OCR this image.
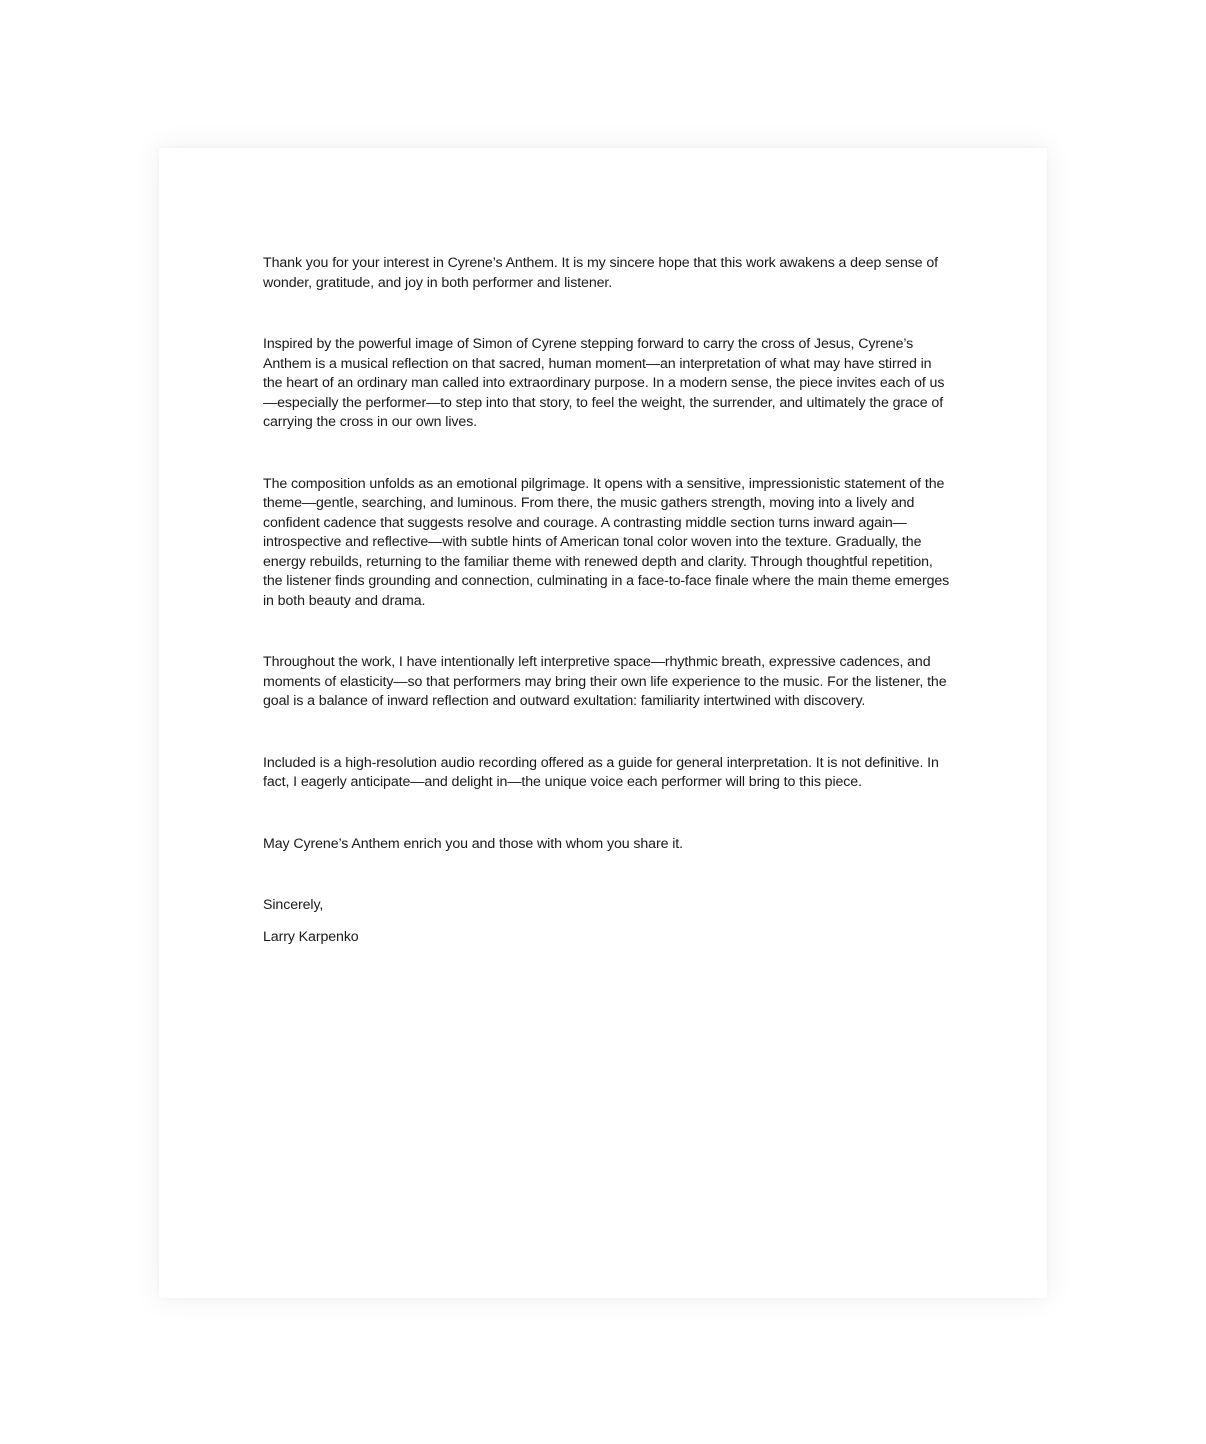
Thank you for your interest in Cyrene’s Anthem. It is my sincere hope that this work awakens a deep sense of wonder, gratitude, and joy in both performer and listener.

Inspired by the powerful image of Simon of Cyrene stepping forward to carry the cross of Jesus, Cyrene’s Anthem is a musical reflection on that sacred, human moment—an interpretation of what may have stirred in the heart of an ordinary man called into extraordinary purpose. In a modern sense, the piece invites each of us—especially the performer—to step into that story, to feel the weight, the surrender, and ultimately the grace of carrying the cross in our own lives.

The composition unfolds as an emotional pilgrimage. It opens with a sensitive, impressionistic statement of the theme—gentle, searching, and luminous. From there, the music gathers strength, moving into a lively and confident cadence that suggests resolve and courage. A contrasting middle section turns inward again—introspective and reflective—with subtle hints of American tonal color woven into the texture. Gradually, the energy rebuilds, returning to the familiar theme with renewed depth and clarity. Through thoughtful repetition, the listener finds grounding and connection, culminating in a face-to-face finale where the main theme emerges in both beauty and drama.

Throughout the work, I have intentionally left interpretive space—rhythmic breath, expressive cadences, and moments of elasticity—so that performers may bring their own life experience to the music. For the listener, the goal is a balance of inward reflection and outward exultation: familiarity intertwined with discovery.

Included is a high-resolution audio recording offered as a guide for general interpretation. It is not definitive. In fact, I eagerly anticipate—and delight in—the unique voice each performer will bring to this piece.

May Cyrene’s Anthem enrich you and those with whom you share it.

Sincerely,

Larry Karpenko
